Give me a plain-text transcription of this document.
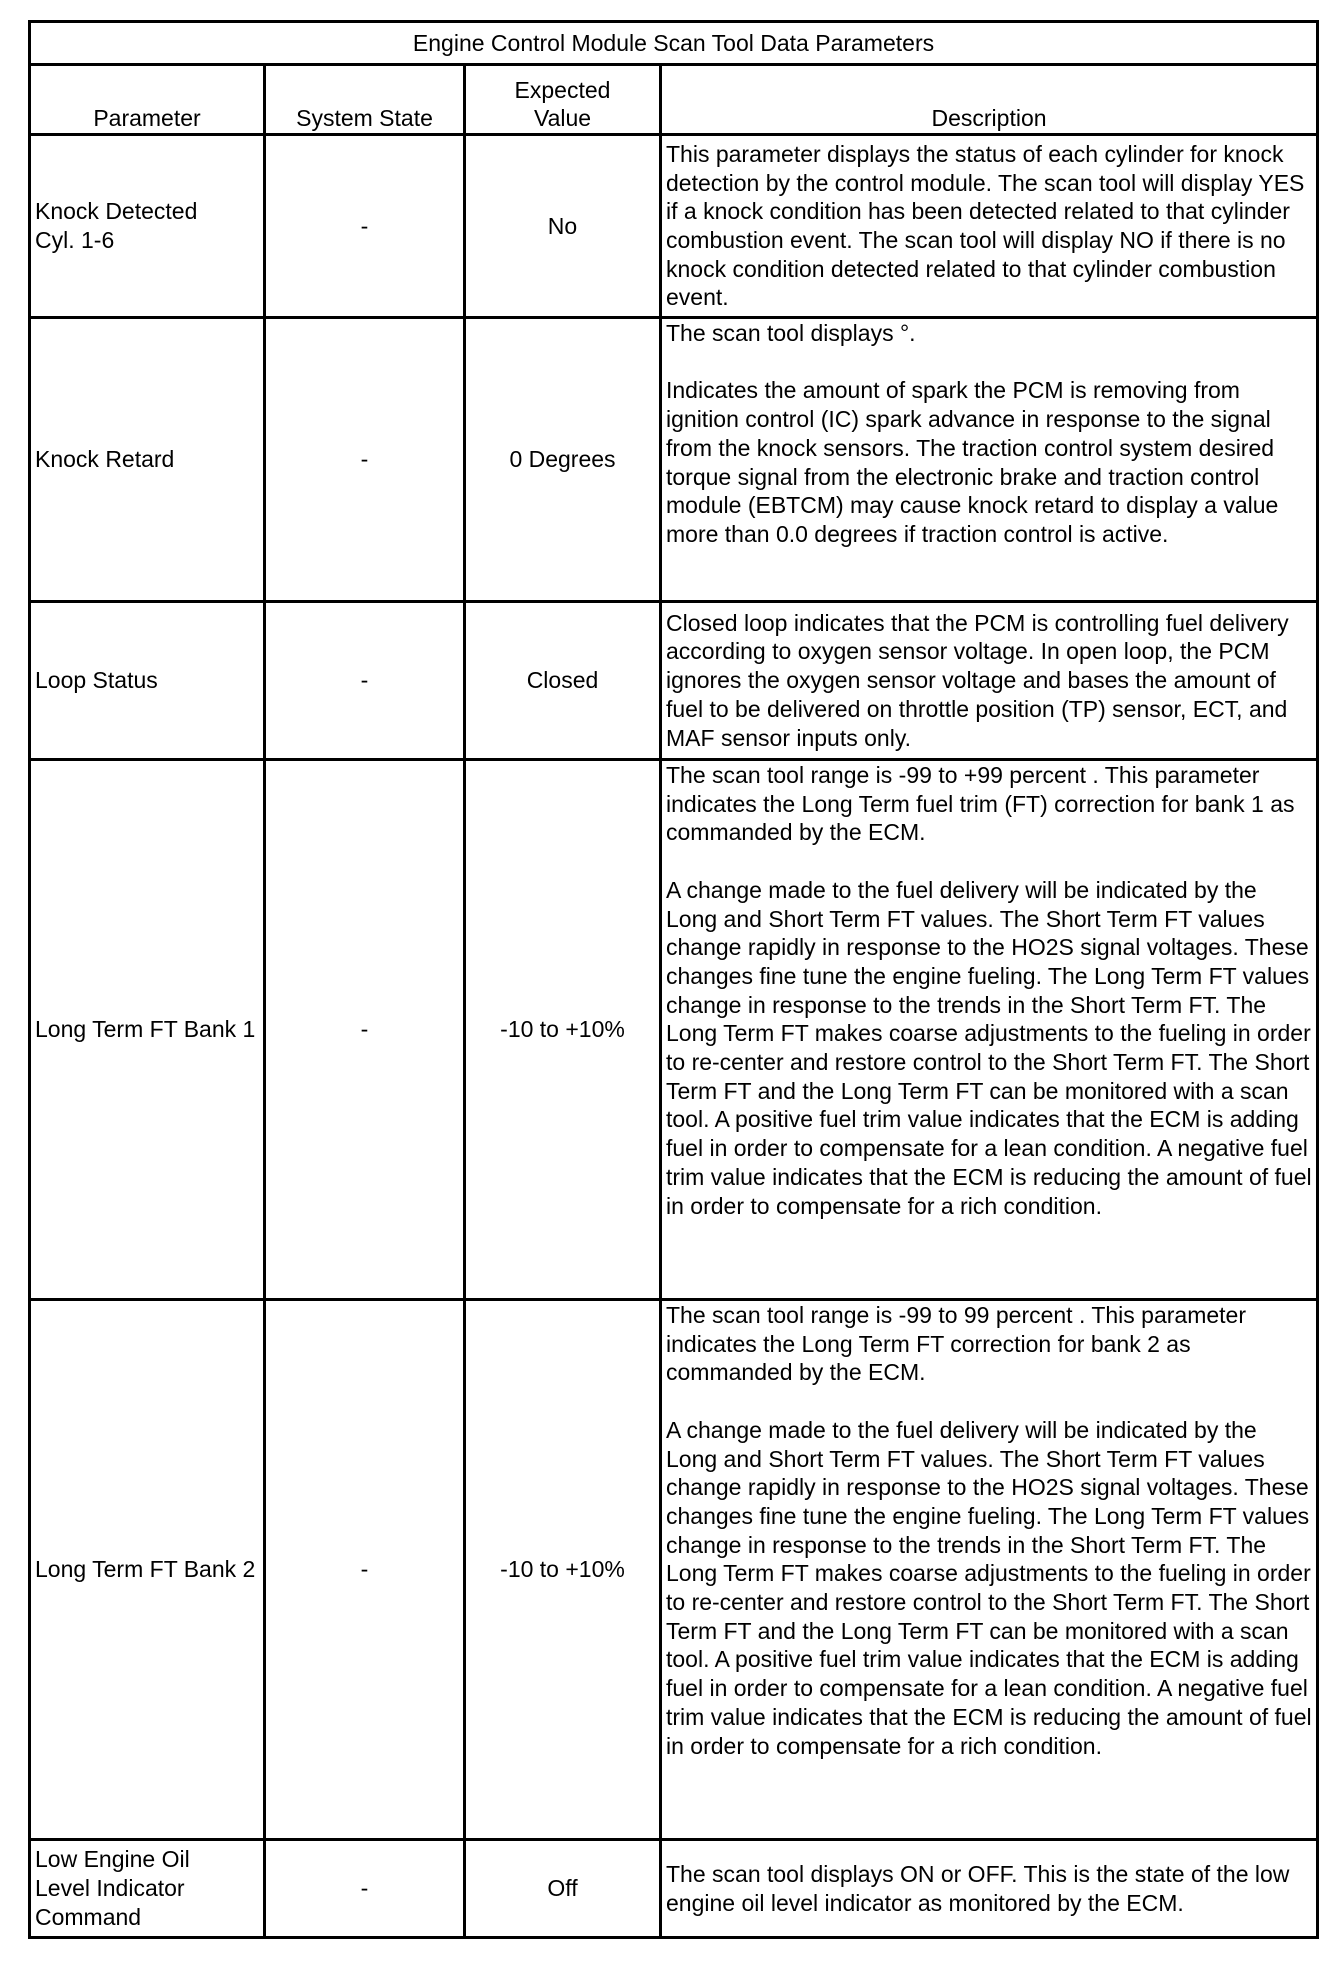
Engine Control Module Scan Tool Data Parameters			
Parameter	System State	Expected Value	Description
Knock Detected Cyl. 1-6	-	No	This parameter displays the status of each cylinder for knock detection by the control module. The scan tool will display YES if a knock condition has been detected related to that cylinder combustion event. The scan tool will display NO if there is no knock condition detected related to that cylinder combustion event.

Knock Retard	-	0 Degrees	The scan tool displays °.
Indicates the amount of spark the PCM is removing from ignition control (IC) spark advance in response to the signal from the knock sensors. The traction control system desired torque signal from the electronic brake and traction control module (EBTCM) may cause knock retard to display a value more than 0.0 degrees if traction control is active.

Loop Status	-	Closed	Closed loop indicates that the PCM is controlling fuel delivery according to oxygen sensor voltage. In open loop, the PCM ignores the oxygen sensor voltage and bases the amount of fuel to be delivered on throttle position (TP) sensor, ECT, and MAF sensor inputs only.

Long Term FT Bank 1	-	-10 to +10%	The scan tool range is -99 to +99 percent . This parameter indicates the Long Term fuel trim (FT) correction for bank 1 as commanded by the ECM.
A change made to the fuel delivery will be indicated by the Long and Short Term FT values. The Short Term FT values change rapidly in response to the HO2S signal voltages. These changes fine tune the engine fueling. The Long Term FT values change in response to the trends in the Short Term FT. The Long Term FT makes coarse adjustments to the fueling in order to re-center and restore control to the Short Term FT. The Short Term FT and the Long Term FT can be monitored with a scan tool. A positive fuel trim value indicates that the ECM is adding fuel in order to compensate for a lean condition. A negative fuel trim value indicates that the ECM is reducing the amount of fuel in order to compensate for a rich condition.

Long Term FT Bank 2	-	-10 to +10%	The scan tool range is -99 to 99 percent . This parameter indicates the Long Term FT correction for bank 2 as commanded by the ECM.
A change made to the fuel delivery will be indicated by the Long and Short Term FT values. The Short Term FT values change rapidly in response to the HO2S signal voltages. These changes fine tune the engine fueling. The Long Term FT values change in response to the trends in the Short Term FT. The Long Term FT makes coarse adjustments to the fueling in order to re-center and restore control to the Short Term FT. The Short Term FT and the Long Term FT can be monitored with a scan tool. A positive fuel trim value indicates that the ECM is adding fuel in order to compensate for a lean condition. A negative fuel trim value indicates that the ECM is reducing the amount of fuel in order to compensate for a rich condition.

Low Engine Oil Level Indicator Command	-	Off	The scan tool displays ON or OFF. This is the state of the low engine oil level indicator as monitored by the ECM.
